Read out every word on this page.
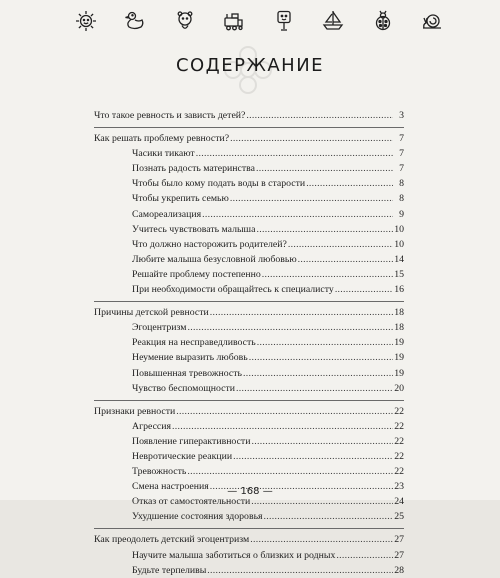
СОДЕРЖАНИЕ
Что такое ревность и зависть детей? .....	3
Как решать проблему ревности? .....	7
Часики тикают .....	7
Познать радость материнства .....	7
Чтобы было кому подать воды в старости .....	8
Чтобы укрепить семью .....	8
Самореализация .....	9
Учитесь чувствовать малыша .....	10
Что должно насторожить родителей? .....	10
Любите малыша безусловной любовью .....	14
Решайте проблему постепенно .....	15
При необходимости обращайтесь к специалисту .....	16
Причины детской ревности .....	18
Эгоцентризм .....	18
Реакция на несправедливость .....	19
Неумение выразить любовь .....	19
Повышенная тревожность .....	19
Чувство беспомощности .....	20
Признаки ревности .....	22
Агрессия .....	22
Появление гиперактивности .....	22
Невротические реакции .....	22
Тревожность .....	22
Смена настроения .....	23
Отказ от самостоятельности .....	24
Ухудшение состояния здоровья .....	25
Как преодолеть детский эгоцентризм .....	27
Научите малыша заботиться о близких и родных .....	27
Будьте терпеливы .....	28
— 168 —
